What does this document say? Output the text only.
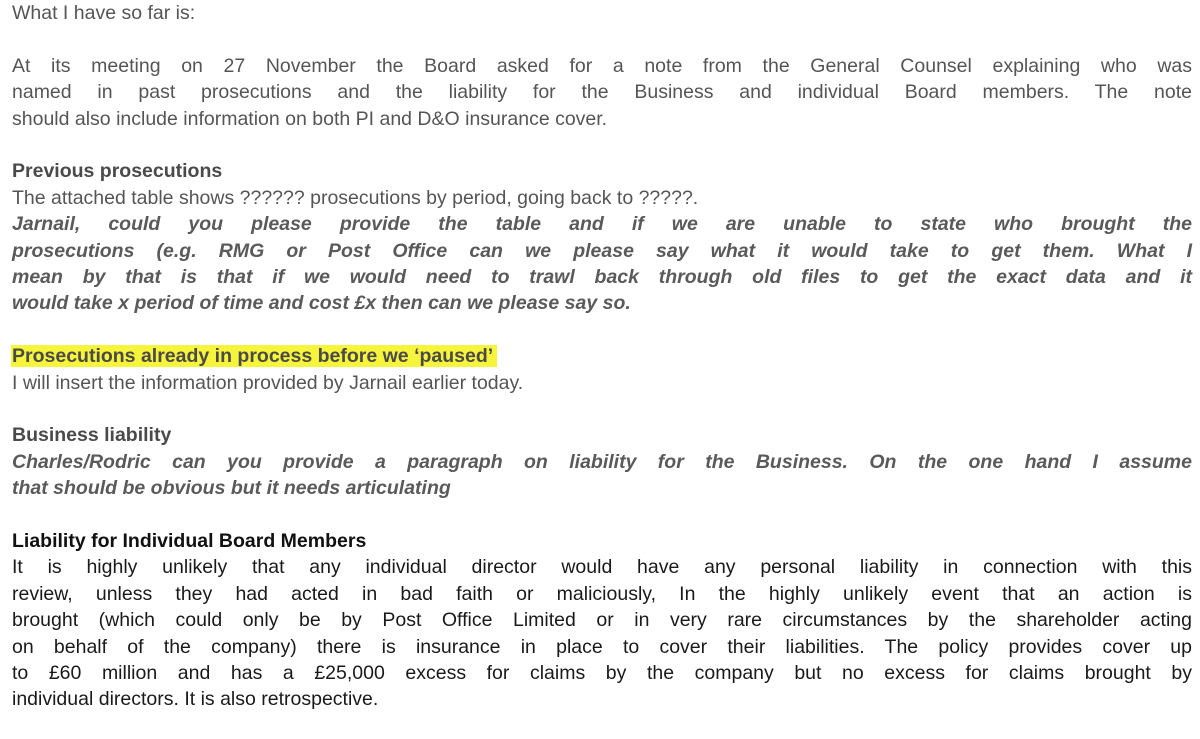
What I have so far is:

At its meeting on 27 November the Board asked for a note from the General Counsel explaining who was
named in past prosecutions and the liability for the Business and individual Board members. The note
should also include information on both PI and D&O insurance cover.

Previous prosecutions
The attached table shows ?????? prosecutions by period, going back to ?????.
Jarnail, could you please provide the table and if we are unable to state who brought the
prosecutions (e.g. RMG or Post Office can we please say what it would take to get them. What I
mean by that is that if we would need to trawl back through old files to get the exact data and it
would take x period of time and cost £x then can we please say so.

Prosecutions already in process before we ‘paused’
I will insert the information provided by Jarnail earlier today.

Business liability
Charles/Rodric can you provide a paragraph on liability for the Business. On the one hand I assume
that should be obvious but it needs articulating

Liability for Individual Board Members
It is highly unlikely that any individual director would have any personal liability in connection with this
review, unless they had acted in bad faith or maliciously, In the highly unlikely event that an action is
brought (which could only be by Post Office Limited or in very rare circumstances by the shareholder acting
on behalf of the company) there is insurance in place to cover their liabilities. The policy provides cover up
to £60 million and has a £25,000 excess for claims by the company but no excess for claims brought by
individual directors. It is also retrospective.
